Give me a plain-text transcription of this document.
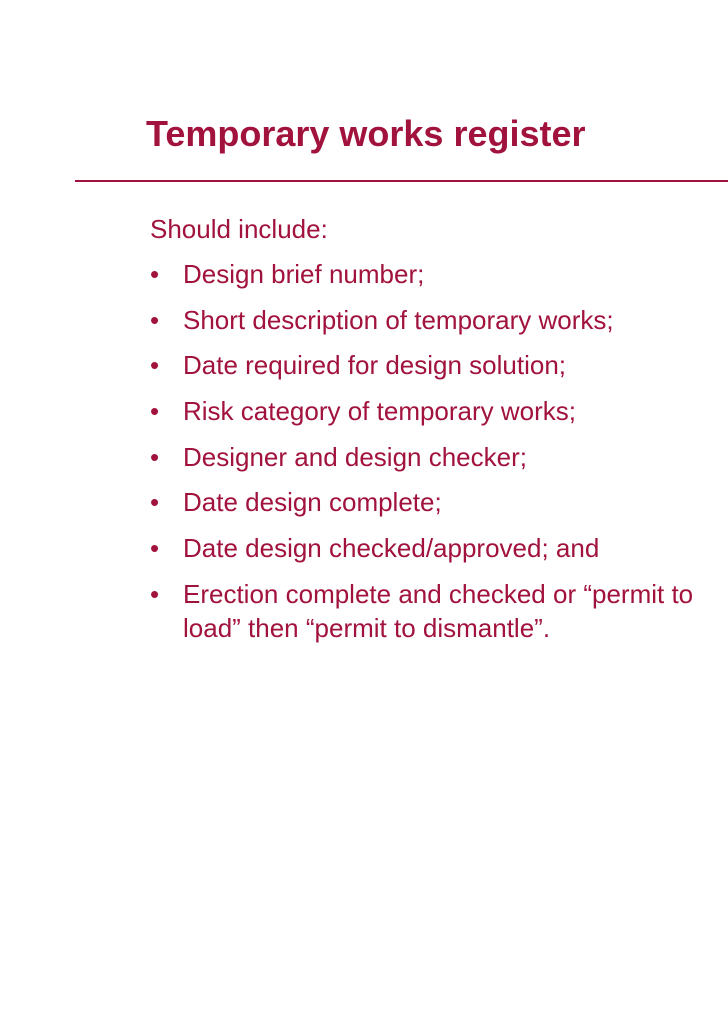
Temporary works register
Should include:
• Design brief number;
• Short description of temporary works;
• Date required for design solution;
• Risk category of temporary works;
• Designer and design checker;
• Date design complete;
• Date design checked/approved; and
• Erection complete and checked or “permit to
load” then “permit to dismantle”.
